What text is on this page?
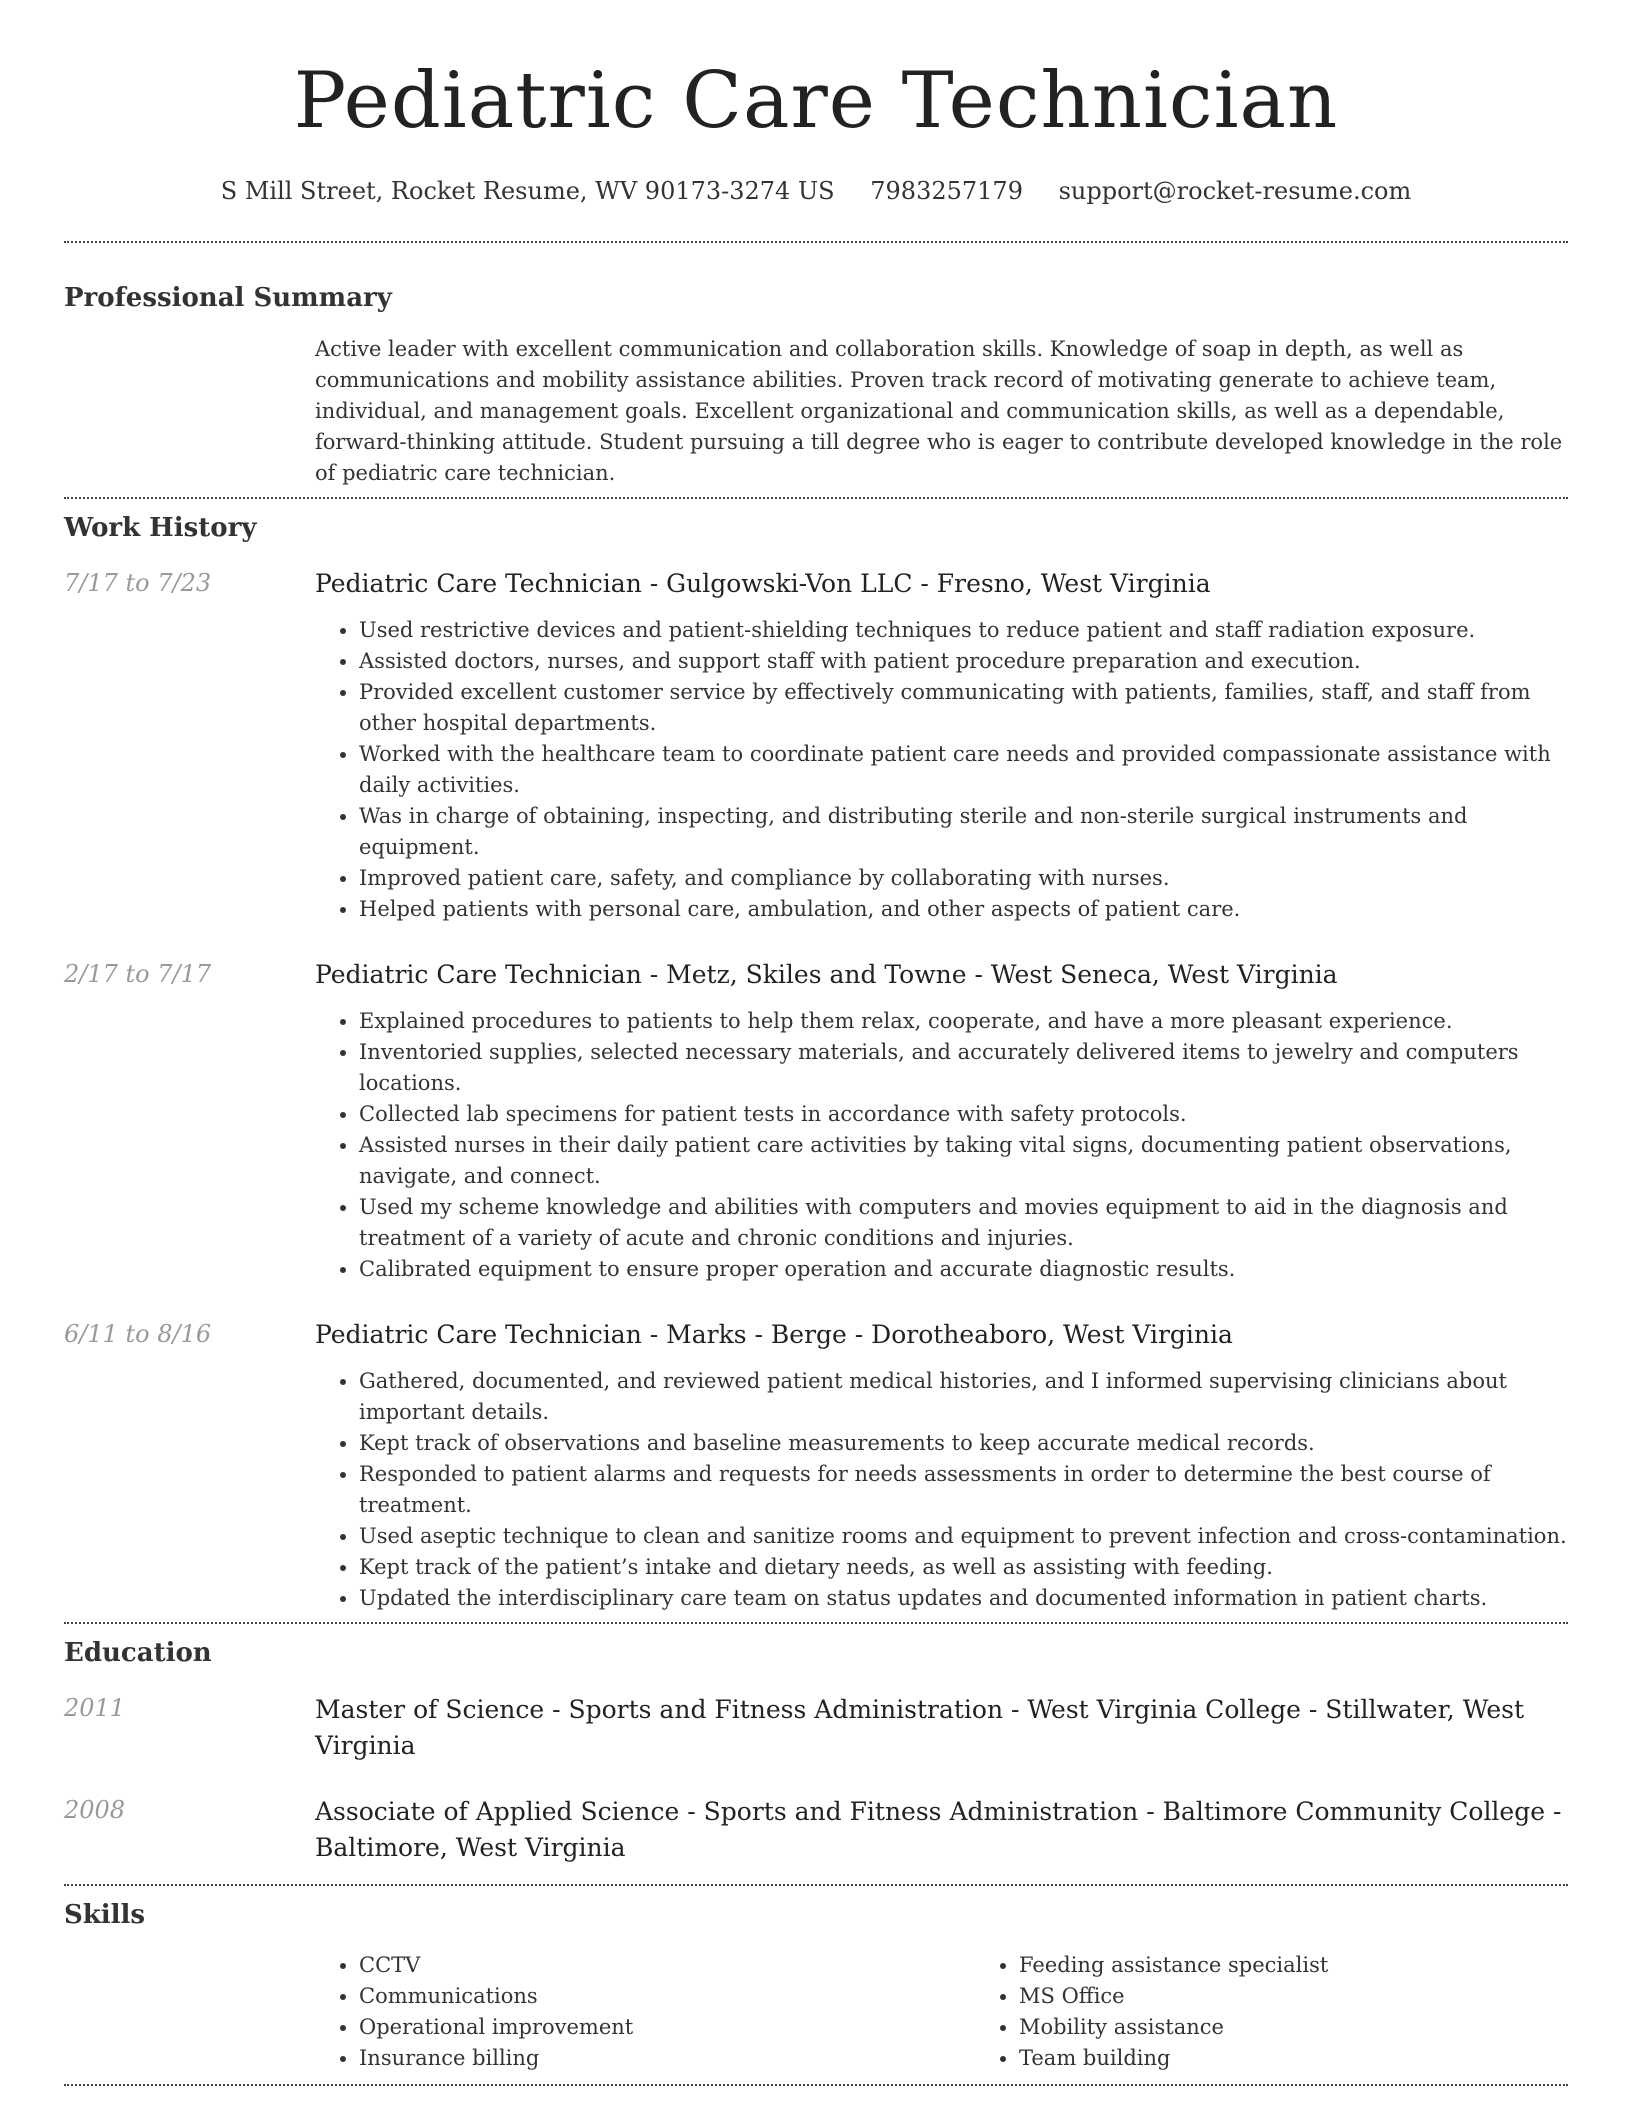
Pediatric Care Technician
S Mill Street, Rocket Resume, WV 90173-3274 US 7983257179 support@rocket-resume.com
Professional Summary

Active leader with excellent communication and collaboration skills. Knowledge of soap in depth, as well as communications and mobility assistance abilities. Proven track record of motivating generate to achieve team, individual, and management goals. Excellent organizational and communication skills, as well as a dependable, forward-thinking attitude. Student pursuing a till degree who is eager to contribute developed knowledge in the role of pediatric care technician.

Work History
7/17 to 7/23	Pediatric Care Technician - Gulgowski-Von LLC - Fresno, West Virginia
• Used restrictive devices and patient-shielding techniques to reduce patient and staff radiation exposure.
• Assisted doctors, nurses, and support staff with patient procedure preparation and execution.
• Provided excellent customer service by effectively communicating with patients, families, staff, and staff from other hospital departments.
• Worked with the healthcare team to coordinate patient care needs and provided compassionate assistance with daily activities.
• Was in charge of obtaining, inspecting, and distributing sterile and non-sterile surgical instruments and equipment.
• Improved patient care, safety, and compliance by collaborating with nurses.
• Helped patients with personal care, ambulation, and other aspects of patient care.
2/17 to 7/17	Pediatric Care Technician - Metz, Skiles and Towne - West Seneca, West Virginia
• Explained procedures to patients to help them relax, cooperate, and have a more pleasant experience.
• Inventoried supplies, selected necessary materials, and accurately delivered items to jewelry and computers locations.
• Collected lab specimens for patient tests in accordance with safety protocols.
• Assisted nurses in their daily patient care activities by taking vital signs, documenting patient observations, navigate, and connect.
• Used my scheme knowledge and abilities with computers and movies equipment to aid in the diagnosis and treatment of a variety of acute and chronic conditions and injuries.
• Calibrated equipment to ensure proper operation and accurate diagnostic results.
6/11 to 8/16	Pediatric Care Technician - Marks - Berge - Dorotheaboro, West Virginia
• Gathered, documented, and reviewed patient medical histories, and I informed supervising clinicians about important details.
• Kept track of observations and baseline measurements to keep accurate medical records.
• Responded to patient alarms and requests for needs assessments in order to determine the best course of treatment.
• Used aseptic technique to clean and sanitize rooms and equipment to prevent infection and cross-contamination.
• Kept track of the patient’s intake and dietary needs, as well as assisting with feeding.
• Updated the interdisciplinary care team on status updates and documented information in patient charts.
Education
2011	Master of Science - Sports and Fitness Administration - West Virginia College - Stillwater, West Virginia
2008	Associate of Applied Science - Sports and Fitness Administration - Baltimore Community College - Baltimore, West Virginia
Skills
• CCTV
• Communications
• Operational improvement
• Insurance billing
• Feeding assistance specialist
• MS Office
• Mobility assistance
• Team building
